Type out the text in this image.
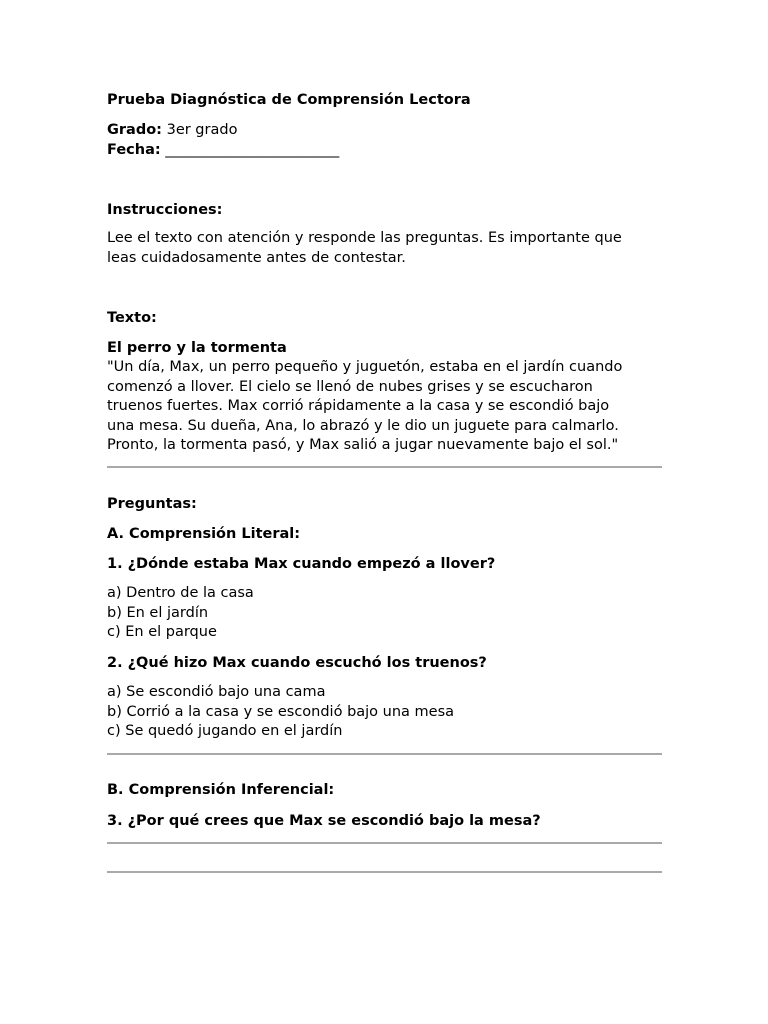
Prueba Diagnóstica de Comprensión Lectora
Grado: 3er grado
Fecha: ________________________
Instrucciones:

Lee el texto con atención y responde las preguntas. Es importante que

leas cuidadosamente antes de contestar.

Texto:
El perro y la tormenta

"Un día, Max, un perro pequeño y juguetón, estaba en el jardín cuando

comenzó a llover. El cielo se llenó de nubes grises y se escucharon

truenos fuertes. Max corrió rápidamente a la casa y se escondió bajo

una mesa. Su dueña, Ana, lo abrazó y le dio un juguete para calmarlo.

Pronto, la tormenta pasó, y Max salió a jugar nuevamente bajo el sol."

Preguntas:
A. Comprensión Literal:
1. ¿Dónde estaba Max cuando empezó a llover?

a) Dentro de la casa

b) En el jardín

c) En el parque

2. ¿Qué hizo Max cuando escuchó los truenos?

a) Se escondió bajo una cama

b) Corrió a la casa y se escondió bajo una mesa

c) Se quedó jugando en el jardín

B. Comprensión Inferencial:
3. ¿Por qué crees que Max se escondió bajo la mesa?
